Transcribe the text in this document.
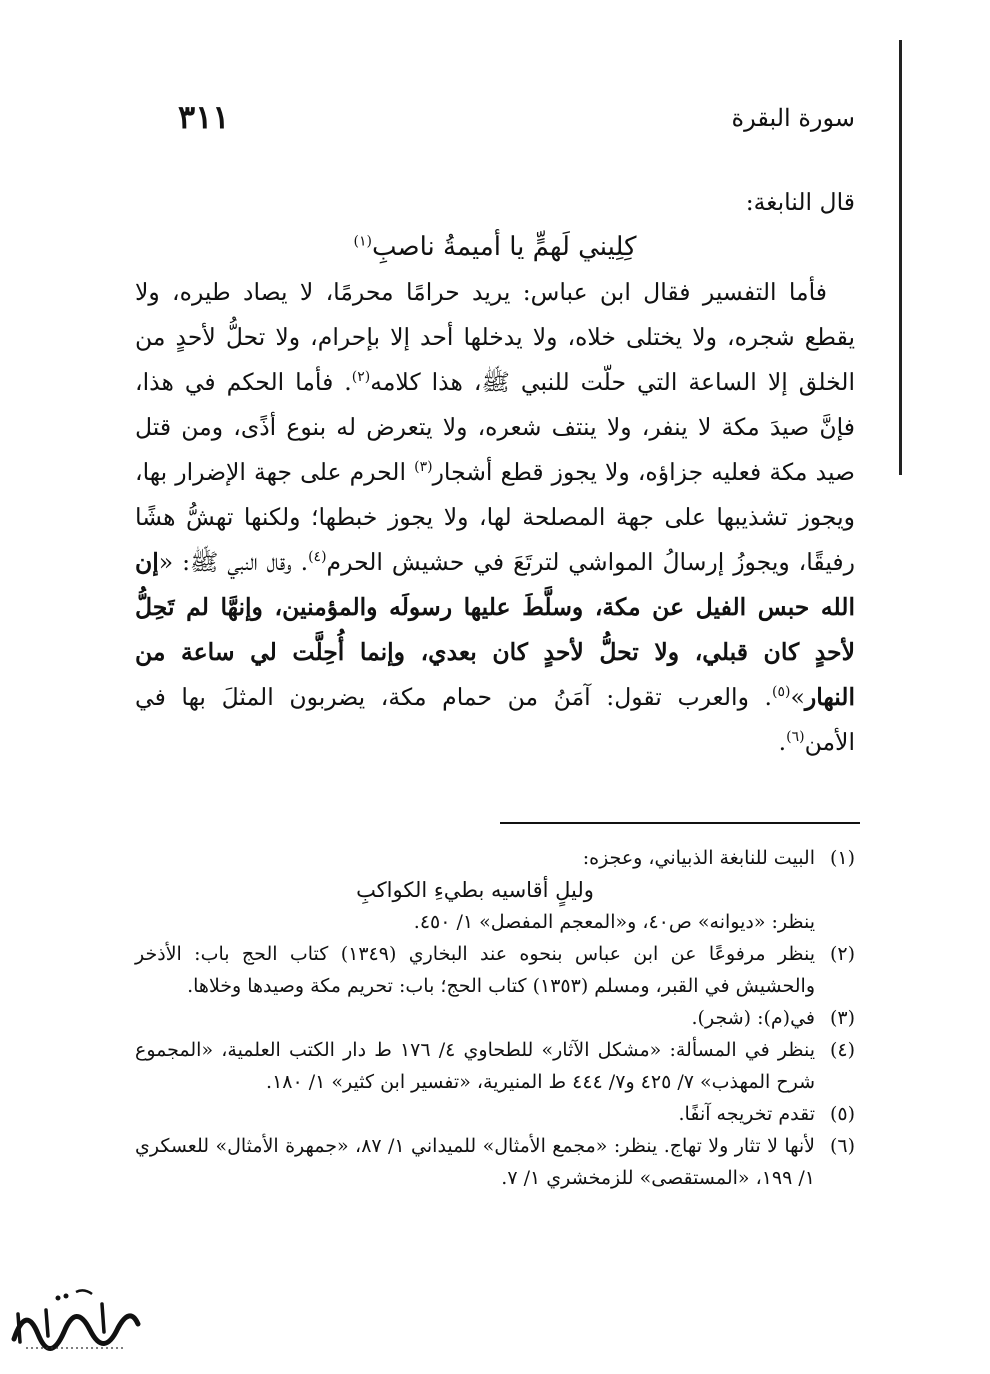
سورة البقرة
٣١١

قال النابغة:

كِلِيني لَهمٍّ يا أميمةُ ناصبِ$^{(١)}$

فأما التفسير فقال ابن عباس: يريد حرامًا محرمًا، لا يصاد طيره، ولا يقطع شجره، ولا يختلى خلاه، ولا يدخلها أحد إلا بإحرام، ولا تحلُّ لأحدٍ من الخلق إلا الساعة التي حلّت للنبي ﷺ، هذا كلامه$^{(٢)}$. فأما الحكم في هذا، فإنَّ صيدَ مكة لا ينفر، ولا ينتف شعره، ولا يتعرض له بنوع أذًى، ومن قتل صيد مكة فعليه جزاؤه، ولا يجوز قطع أشجار$^{(٣)}$ الحرم على جهة الإضرار بها، ويجوز تشذيبها على جهة المصلحة لها، ولا يجوز خبطها؛ ولكنها تهشُّ هشًا رفيقًا، ويجوزُ إرسالُ المواشي لترتَعَ في حشيش الحرم$^{(٤)}$. وقال النبي ﷺ: «إن الله حبس الفيل عن مكة، وسلَّطَ عليها رسولَه والمؤمنين، وإنهَّا لم تَحِلُّ لأحدٍ كان قبلي، ولا تحلُّ لأحدٍ كان بعدي، وإنما أُحِلَّت لي ساعة من النهار»$^{(٥)}$. والعرب تقول: آمَنُ من حمام مكة، يضربون المثلَ بها في الأمن$^{(٦)}$.

(١)
البيت للنابغة الذبياني، وعجزه:
وليلٍ أقاسيه بطيءِ الكواكبِ
ينظر: «ديوانه» ص٤٠، و«المعجم المفصل» ١/ ٤٥٠.
(٢)
ينظر مرفوعًا عن ابن عباس بنحوه عند البخاري (١٣٤٩) كتاب الحج باب: الأذخر والحشيش في القبر، ومسلم (١٣٥٣) كتاب الحج؛ باب: تحريم مكة وصيدها وخلاها.
(٣)
في(م): (شجر).
(٤)
ينظر في المسألة: «مشكل الآثار» للطحاوي ٤/ ١٧٦ ط دار الكتب العلمية، «المجموع شرح المهذب» ٧/ ٤٢٥ و٧/ ٤٤٤ ط المنيرية، «تفسير ابن كثير» ١/ ١٨٠.
(٥)
تقدم تخريجه آنفًا.
(٦)
لأنها لا تثار ولا تهاج. ينظر: «مجمع الأمثال» للميداني ١/ ٨٧، «جمهرة الأمثال» للعسكري ١/ ١٩٩، «المستقصى» للزمخشري ١/ ٧.
